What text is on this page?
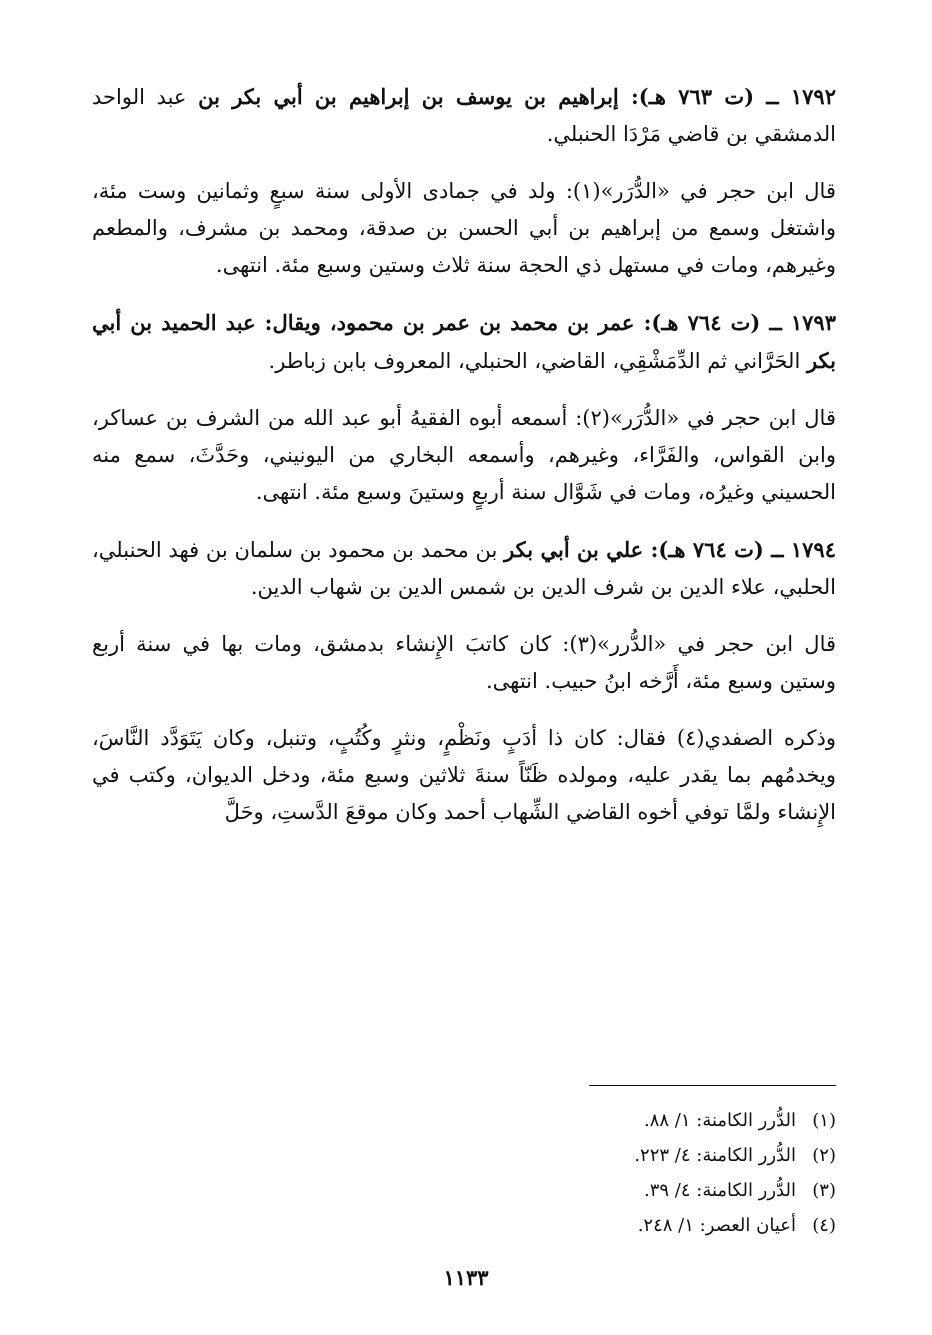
١٧٩٢ ــ (ت ٧٦٣ هـ): إبراهيم بن يوسف بن إبراهيم بن أبي بكر بن عبد الواحد الدمشقي بن قاضي مَرْدَا الحنبلي.

قال ابن حجر في «الدُّرَر»(١): ولد في جمادى الأولى سنة سبعٍ وثمانين وست مئة، واشتغل وسمع من إبراهيم بن أبي الحسن بن صدقة، ومحمد بن مشرف، والمطعم وغيرهم، ومات في مستهل ذي الحجة سنة ثلاث وستين وسبع مئة. انتهى.

١٧٩٣ ــ (ت ٧٦٤ هـ): عمر بن محمد بن عمر بن محمود، ويقال: عبد الحميد بن أبي بكر الحَرَّاني ثم الدِّمَشْقِي، القاضي، الحنبلي، المعروف بابن زباطر.

قال ابن حجر في «الدُّرَر»(٢): أسمعه أبوه الفقيهُ أبو عبد الله من الشرف بن عساكر، وابن القواس، والفَرَّاء، وغيرهم، وأسمعه البخاري من اليونيني، وحَدَّثَ، سمع منه الحسيني وغيرُه، ومات في شَوَّال سنة أربعٍ وستينَ وسبع مئة. انتهى.

١٧٩٤ ــ (ت ٧٦٤ هـ): علي بن أبي بكر بن محمد بن محمود بن سلمان بن فهد الحنبلي، الحلبي، علاء الدين بن شرف الدين بن شمس الدين بن شهاب الدين.

قال ابن حجر في «الدُّرر»(٣): كان كاتبَ الإِنشاء بدمشق، ومات بها في سنة أربع وستين وسبع مئة، أَرَّخه ابنُ حبيب. انتهى.

وذكره الصفدي(٤) فقال: كان ذا أدَبٍ ونَظْمٍ، ونثرٍ وكُتُبٍ، وتنبل، وكان يَتَوَدَّد النَّاسَ، ويخدمُهم بما يقدر عليه، ومولده ظَنّاً سنةَ ثلاثين وسبع مئة، ودخل الديوان، وكتب في الإِنشاء ولمَّا توفي أخوه القاضي الشِّهاب أحمد وكان موقعَ الدَّستِ، وحَلَّ

(١)
الدُّرر الكامنة: ١/ ٨٨.
(٢)
الدُّرر الكامنة: ٤/ ٢٢٣.
(٣)
الدُّرر الكامنة: ٤/ ٣٩.
(٤)
أعيان العصر: ١/ ٢٤٨.
١١٣٣
